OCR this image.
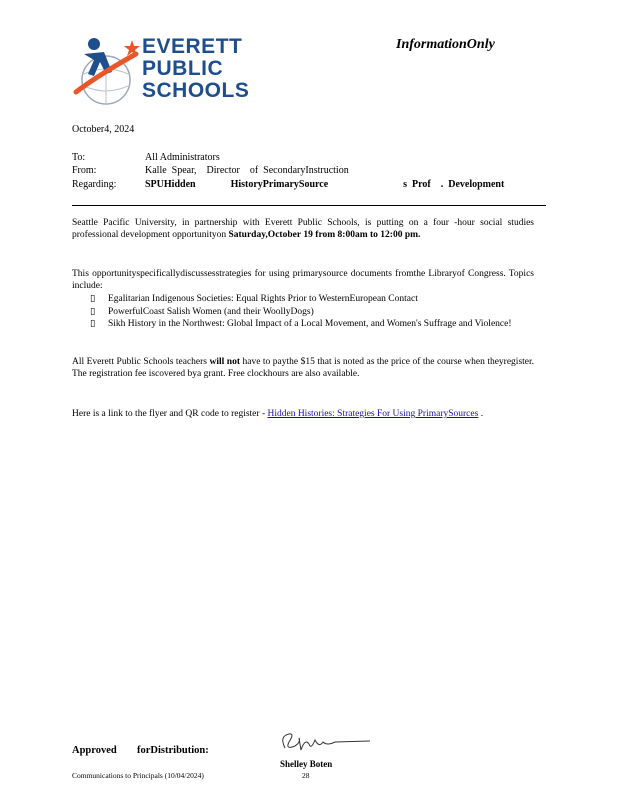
EVERETT
PUBLIC
SCHOOLS
InformationOnly
October4, 2024
To:	All Administrators
From:	Kalle  Spear,    Director    of  SecondaryInstruction
Regarding:	SPUHidden              HistoryPrimarySource                              s  Prof    .  Development
Seattle Pacific University, in partnership with Everett Public Schools, is putting on a four -hour social studies professional development opportunityon Saturday,October 19 from 8:00am to 12:00 pm.
This opportunityspecificallydiscussesstrategies for using primarysource documents fromthe Libraryof Congress. Topics include:
▯	Egalitarian Indigenous Societies: Equal Rights Prior to WesternEuropean Contact
▯	PowerfulCoast Salish Women (and their WoollyDogs)
▯	Sikh History in the Northwest: Global Impact of a Local Movement, and Women's Suffrage and Violence!
All Everett Public Schools teachers will not have to paythe $15 that is noted as the price of the course when theyregister. The registration fee iscovered bya grant. Free clockhours are also available.
Here is a link to the flyer and QR code to register - Hidden Histories: Strategies For Using PrimarySources .
Approved forDistribution:
Shelley Boten
Communications to Principals (10/04/2024)	28
